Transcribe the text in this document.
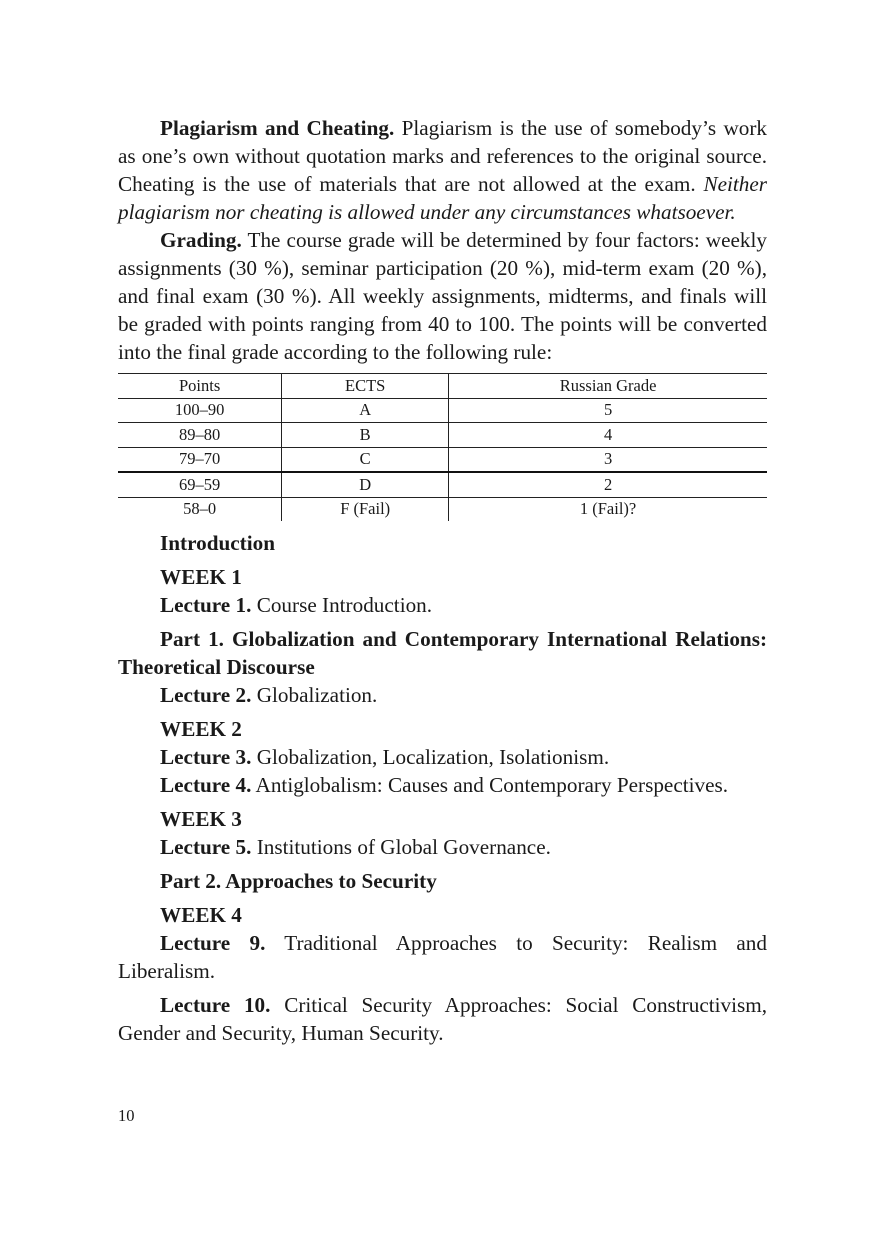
Plagiarism and Cheating. Plagiarism is the use of somebody’s work as one’s own without quotation marks and references to the original source. Cheating is the use of materials that are not allowed at the exam. Neither plagiarism nor cheating is allowed under any circumstances whatsoever.

Grading. The course grade will be determined by four factors: weekly assignments (30 %), seminar participation (20 %), mid-term exam (20 %), and final exam (30 %). All weekly assignments, midterms, and finals will be graded with points ranging from 40 to 100. The points will be converted into the final grade according to the following rule:

Points	ECTS	Russian Grade
100–90	A	5
89–80	B	4
79–70	C	3
69–59	D	2
58–0	F (Fail)	1 (Fail)?

Introduction

WEEK 1

Lecture 1. Course Introduction.

Part 1. Globalization and Contemporary International Relations: Theoretical Discourse

Lecture 2. Globalization.

WEEK 2

Lecture 3. Globalization, Localization, Isolationism.

Lecture 4. Antiglobalism: Causes and Contemporary Perspectives.

WEEK 3

Lecture 5. Institutions of Global Governance.

Part 2. Approaches to Security

WEEK 4

Lecture 9. Traditional Approaches to Security: Realism and Liberalism.

Lecture 10. Critical Security Approaches: Social Constructivism, Gender and Security, Human Security.

10
